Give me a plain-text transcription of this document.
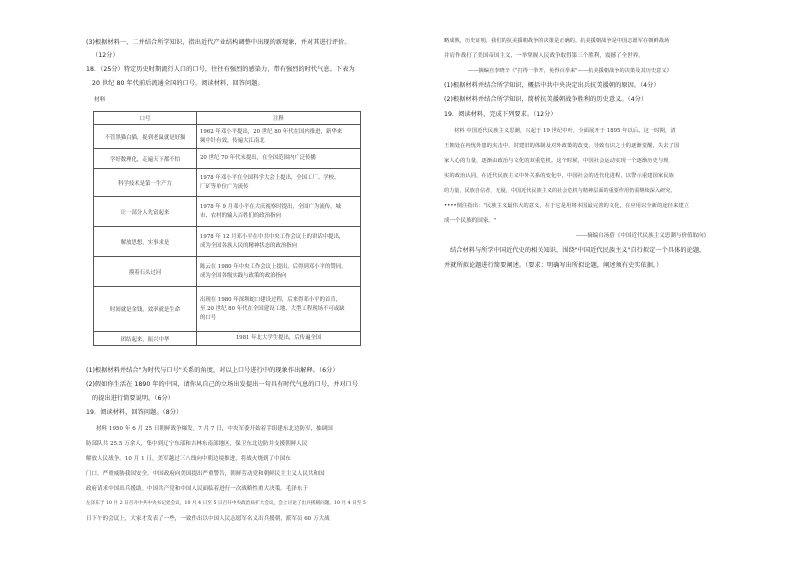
(3)根据材料一、二并结合所学知识，指出近代产业结构调整中出现的新现象，并对其进行评价。
（12分）
18．（25分）特定历史时期流行人口的口号，往往有强烈的感染力，带有强烈的时代气息。下表为
20 世纪 80 年代前后流通全国的口号。阅读材料，回答问题。
材料
口号	注释
不管黑猫白猫，捉到老鼠就是好猫	1962 年邓小平提出，20 世纪 80 年代在国内推进，新华来
频中针有效，传遍大江南北

学好数理化，走遍天下都不怕	20 世纪 70 年代末提出，在全国范围内广泛传播

科学技术是第一生产力	1978 年邓小平在全国科学大会上提出，全国工厂、学校、
厂矿等单位广为流传

让一部分人先富起来	1978 年 9 月邓小平在大庆视察时提出，全国广为流传，城
市、农村的输入百姓们的政治指向

解放思想，实事求是	1978 年 12 月邓小平在中共中央工作会议上的讲话中提出，
成为全国各族人民的精神状态的政治指向

摸着石头过河	陈云在 1980 年中央工作会议上提出，后得到邓小平的赞同，
成为全国各级实践与政策的政治指向

时间就是金钱，效率就是生命	出现在 1980 年深圳蛇口建设过程，后来得邓小平的首肯，
至 20 世纪 80 年代在全国建设工地、大型工程现场不可或缺
的口号

团结起来，振兴中华	1981 年北大学生提出，后传遍全国
(1)根据材料并结合"为时代与口号"关系的角度，对以上口号进行中的现象作出解释。（6分）
(2)假如你生活在 1890 年的中国，请你从自己的立场出发提出一句具有时代气息的口号，并对口号
的提出进行简要说明。（6分）
19．阅读材料，回答问题。（8分）
材料 1950 年 6 月 25 日朝鲜战争爆发。7 月 7 日，中央军委开始着手组建东北边防军，抽调国
防部队共 25.5 万余人，集中到辽宁东部和吉林东南部地区，保卫东北边防并支援朝鲜人民
解放人民战争。10 月 1 日，美军越过三八线向中朝边境推进，将战火烧到了中国东
门口，严重威胁我国安全。中国政府向美国提出严重警告，朝鲜劳动党和朝鲜民主主义人民共和国
政府请求中国出兵援助。中国共产党和中国人民面临着进行一次战略性重大决策。毛泽东于
左泽东于 10 月 2 日召开中共中央书记处会议，10 月 4 日至 5 日召开中央政治局扩大会议，会上讨论了出兵援朝问题。10 月 4 日至 5
日下午的会议上，大家才发表了一些，一致作出以中国人民志愿军名义出兵援朝，派军员 60 万大战
略成熟，历史证明，我们的抗美援朝战争的决策是正确的。抗美援朝战争是中国志愿军在朝鲜战场
并肩作战打了美国帝国主义，一举掌握人民战争取得第三个胜利，震撼了全世界。
——摘编自李晓辛《"打得一拳开，免得百拳来"——抗美援朝战争的决策及其历史意义》
(1)根据材料并结合所学知识，概括中共中央决定出兵抗美援朝的原因。（4分）
(2)根据材料并结合所学知识，简析抗美援朝战争胜利的历史意义。（4分）
19．阅读材料，完成下列要求。（12分）
材料 中国近代民族主义思潮，兴起于 19 世纪中叶，全面展开于 1895 年以后。这一时期，清
王朝处在内忧外患的夹击中，封建旧的体制及对外政策的改变，导致有识之士的逐渐觉醒，失去了国
家人心的力量，逐渐由政治与文化的双重危机。这个时候，中国社会运动实现一个逐渐历史与现
实的政治认同，在近代民族主义中外关系的变化中，中国社会的近代化进程，以警示重建国家民族
的力量，民族自信者，无疑，中国近代民族主义的社会危机与精神层面的重要作用仍需继续深入研究。
••••倒注指出："民族主义最伟大的意义，在于它是用将本国最完善的文化，在应用以全新的途径来建立
成一个民族的国家。"
——摘编自汤蓓《中国近代民族主义思潮与价值取向》
结合材料与所学中国近代史的相关知识，围绕"中国近代民族主义"自行拟定一个具体的论题，
并就所拟论题进行简要阐述。（要求：明确写出所拟论题，阐述须有史实依据。）
